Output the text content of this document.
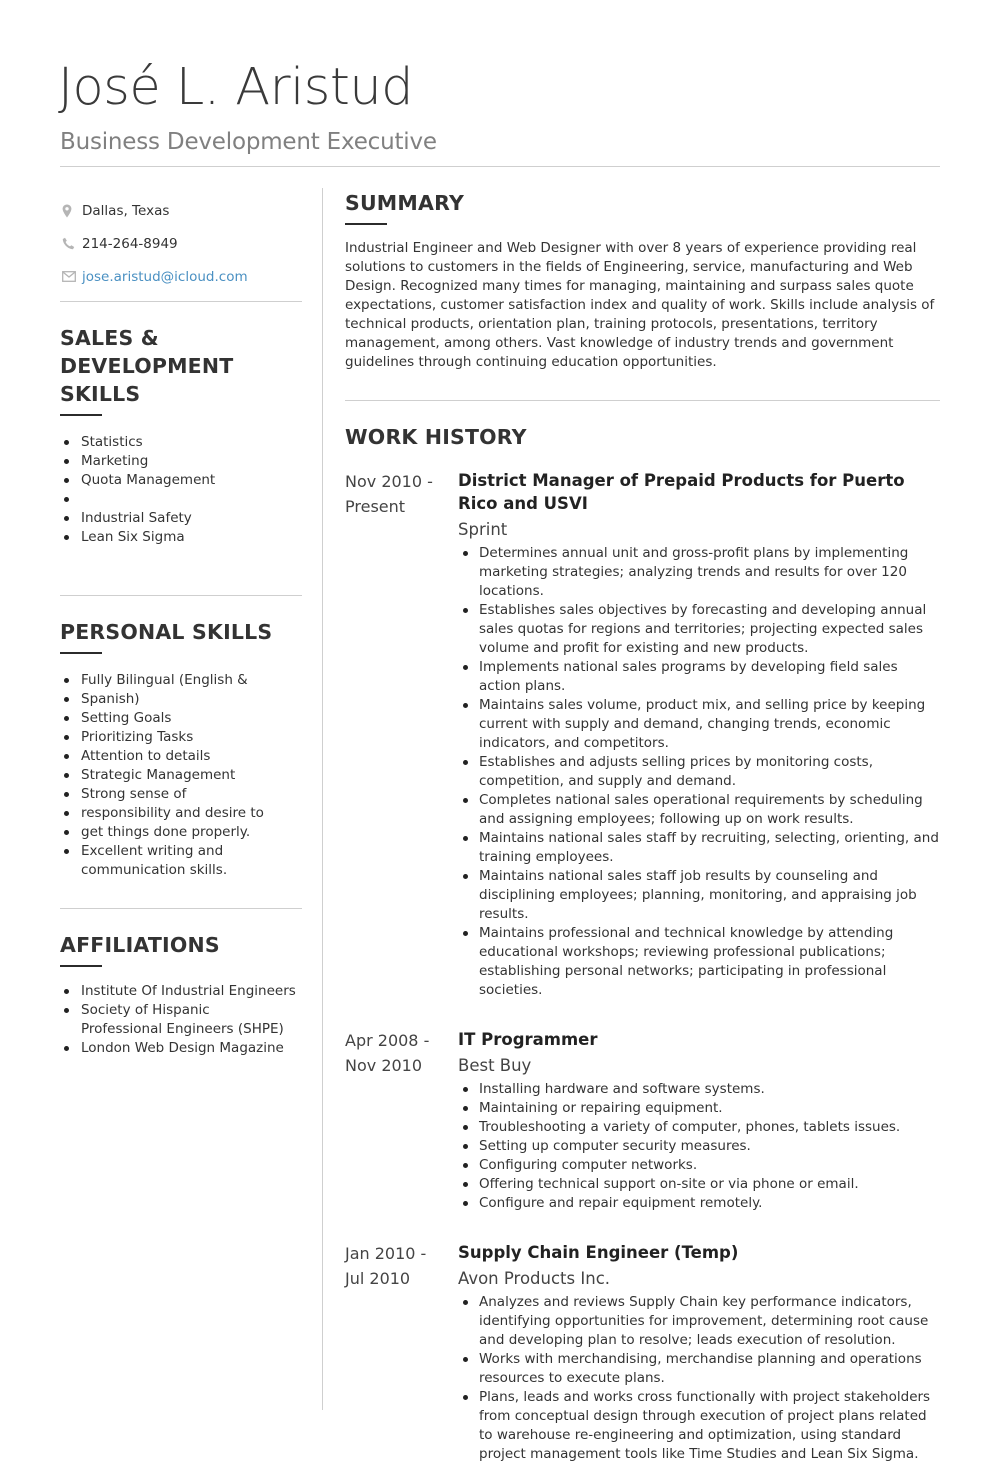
José L. Aristud
Business Development Executive
Dallas, Texas
214-264-8949
jose.aristud@icloud.com
SALES & DEVELOPMENT
SKILLS
Statistics
Marketing
Quota Management
Industrial Safety
Lean Six Sigma
PERSONAL SKILLS
Fully Bilingual (English &
Spanish)
Setting Goals
Prioritizing Tasks
Attention to details
Strategic Management
Strong sense of
responsibility and desire to
get things done properly.
Excellent writing and communication skills.
AFFILIATIONS
Institute Of Industrial Engineers
Society of Hispanic Professional Engineers (SHPE)
London Web Design Magazine
SUMMARY
Industrial Engineer and Web Designer with over 8 years of experience providing real solutions to customers in the fields of Engineering, service, manufacturing and Web Design. Recognized many times for managing, maintaining and surpass sales quote expectations, customer satisfaction index and quality of work. Skills include analysis of technical products, orientation plan, training protocols, presentations, territory management, among others. Vast knowledge of industry trends and government guidelines through continuing education opportunities.
WORK HISTORY
Nov 2010 - Present
District Manager of Prepaid Products for Puerto Rico and USVI
Sprint
Determines annual unit and gross-profit plans by implementing marketing strategies; analyzing trends and results for over 120 locations.
Establishes sales objectives by forecasting and developing annual sales quotas for regions and territories; projecting expected sales volume and profit for existing and new products.
Implements national sales programs by developing field sales action plans.
Maintains sales volume, product mix, and selling price by keeping current with supply and demand, changing trends, economic indicators, and competitors.
Establishes and adjusts selling prices by monitoring costs, competition, and supply and demand.
Completes national sales operational requirements by scheduling and assigning employees; following up on work results.
Maintains national sales staff by recruiting, selecting, orienting, and training employees.
Maintains national sales staff job results by counseling and disciplining employees; planning, monitoring, and appraising job results.
Maintains professional and technical knowledge by attending educational workshops; reviewing professional publications; establishing personal networks; participating in professional societies.
Apr 2008 - Nov 2010
IT Programmer
Best Buy
Installing hardware and software systems.
Maintaining or repairing equipment.
Troubleshooting a variety of computer, phones, tablets issues.
Setting up computer security measures.
Configuring computer networks.
Offering technical support on-site or via phone or email.
Configure and repair equipment remotely.
Jan 2010 - Jul 2010
Supply Chain Engineer (Temp)
Avon Products Inc.
Analyzes and reviews Supply Chain key performance indicators, identifying opportunities for improvement, determining root cause and developing plan to resolve; leads execution of resolution.
Works with merchandising, merchandise planning and operations resources to execute plans.
Plans, leads and works cross functionally with project stakeholders from conceptual design through execution of project plans related to warehouse re-engineering and optimization, using standard project management tools like Time Studies and Lean Six Sigma.
